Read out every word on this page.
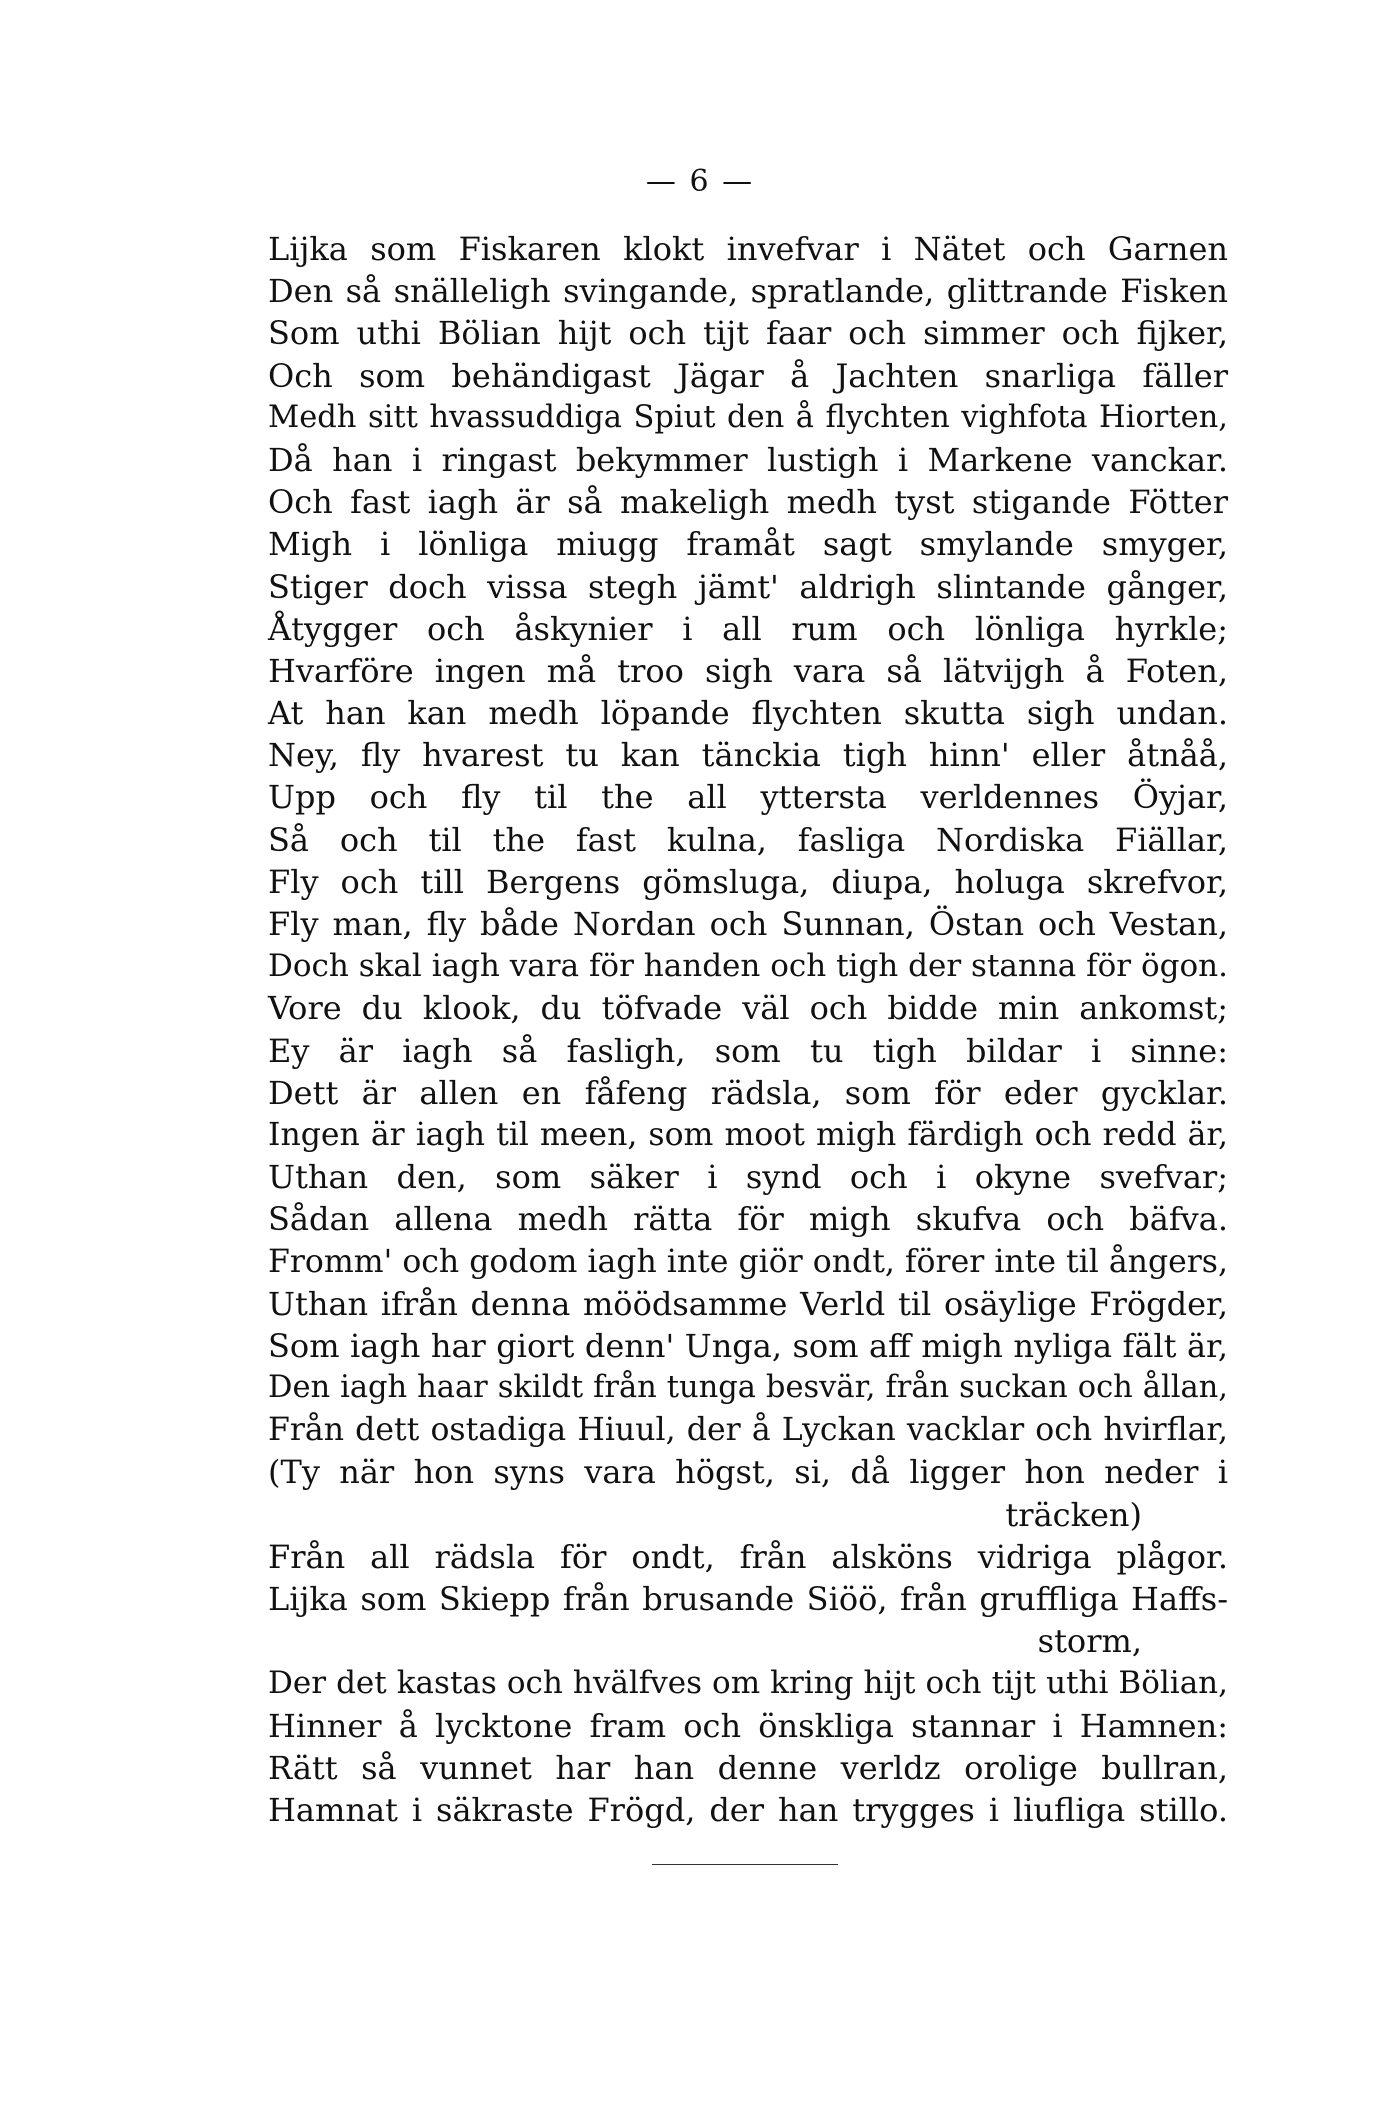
— 6 —
Lijka som Fiskaren klokt invefvar i Nätet och Garnen
Den så snälleligh svingande, spratlande, glittrande Fisken
Som uthi Bölian hijt och tijt faar och simmer och fijker,
Och som behändigast Jägar å Jachten snarliga fäller
Medh sitt hvassuddiga Spiut den å flychten vighfota Hiorten,
Då han i ringast bekymmer lustigh i Markene vanckar.
Och fast iagh är så makeligh medh tyst stigande Fötter
Migh i lönliga miugg framåt sagt smylande smyger,
Stiger doch vissa stegh jämt' aldrigh slintande gånger,
Åtygger och åskynier i all rum och lönliga hyrkle;
Hvarföre ingen må troo sigh vara så lätvijgh å Foten,
At han kan medh löpande flychten skutta sigh undan.
Ney, fly hvarest tu kan tänckia tigh hinn' eller åtnåå,
Upp och fly til the all yttersta verldennes Öyjar,
Så och til the fast kulna, fasliga Nordiska Fiällar,
Fly och till Bergens gömsluga, diupa, holuga skrefvor,
Fly man, fly både Nordan och Sunnan, Östan och Vestan,
Doch skal iagh vara för handen och tigh der stanna för ögon.
Vore du klook, du töfvade väl och bidde min ankomst;
Ey är iagh så fasligh, som tu tigh bildar i sinne:
Dett är allen en fåfeng rädsla, som för eder gycklar.
Ingen är iagh til meen, som moot migh färdigh och redd är,
Uthan den, som säker i synd och i okyne svefvar;
Sådan allena medh rätta för migh skufva och bäfva.
Fromm' och godom iagh inte giör ondt, förer inte til ångers,
Uthan ifrån denna möödsamme Verld til osäylige Frögder,
Som iagh har giort denn' Unga, som aff migh nyliga fält är,
Den iagh haar skildt från tunga besvär, från suckan och ållan,
Från dett ostadiga Hiuul, der å Lyckan vacklar och hvirflar,
(Ty när hon syns vara högst, si, då ligger hon neder i
träcken)
Från all rädsla för ondt, från alsköns vidriga plågor.
Lijka som Skiepp från brusande Siöö, från gruffliga Haffs-
storm,
Der det kastas och hvälfves om kring hijt och tijt uthi Bölian,
Hinner å lycktone fram och önskliga stannar i Hamnen:
Rätt så vunnet har han denne verldz orolige bullran,
Hamnat i säkraste Frögd, der han trygges i liufliga stillo.
